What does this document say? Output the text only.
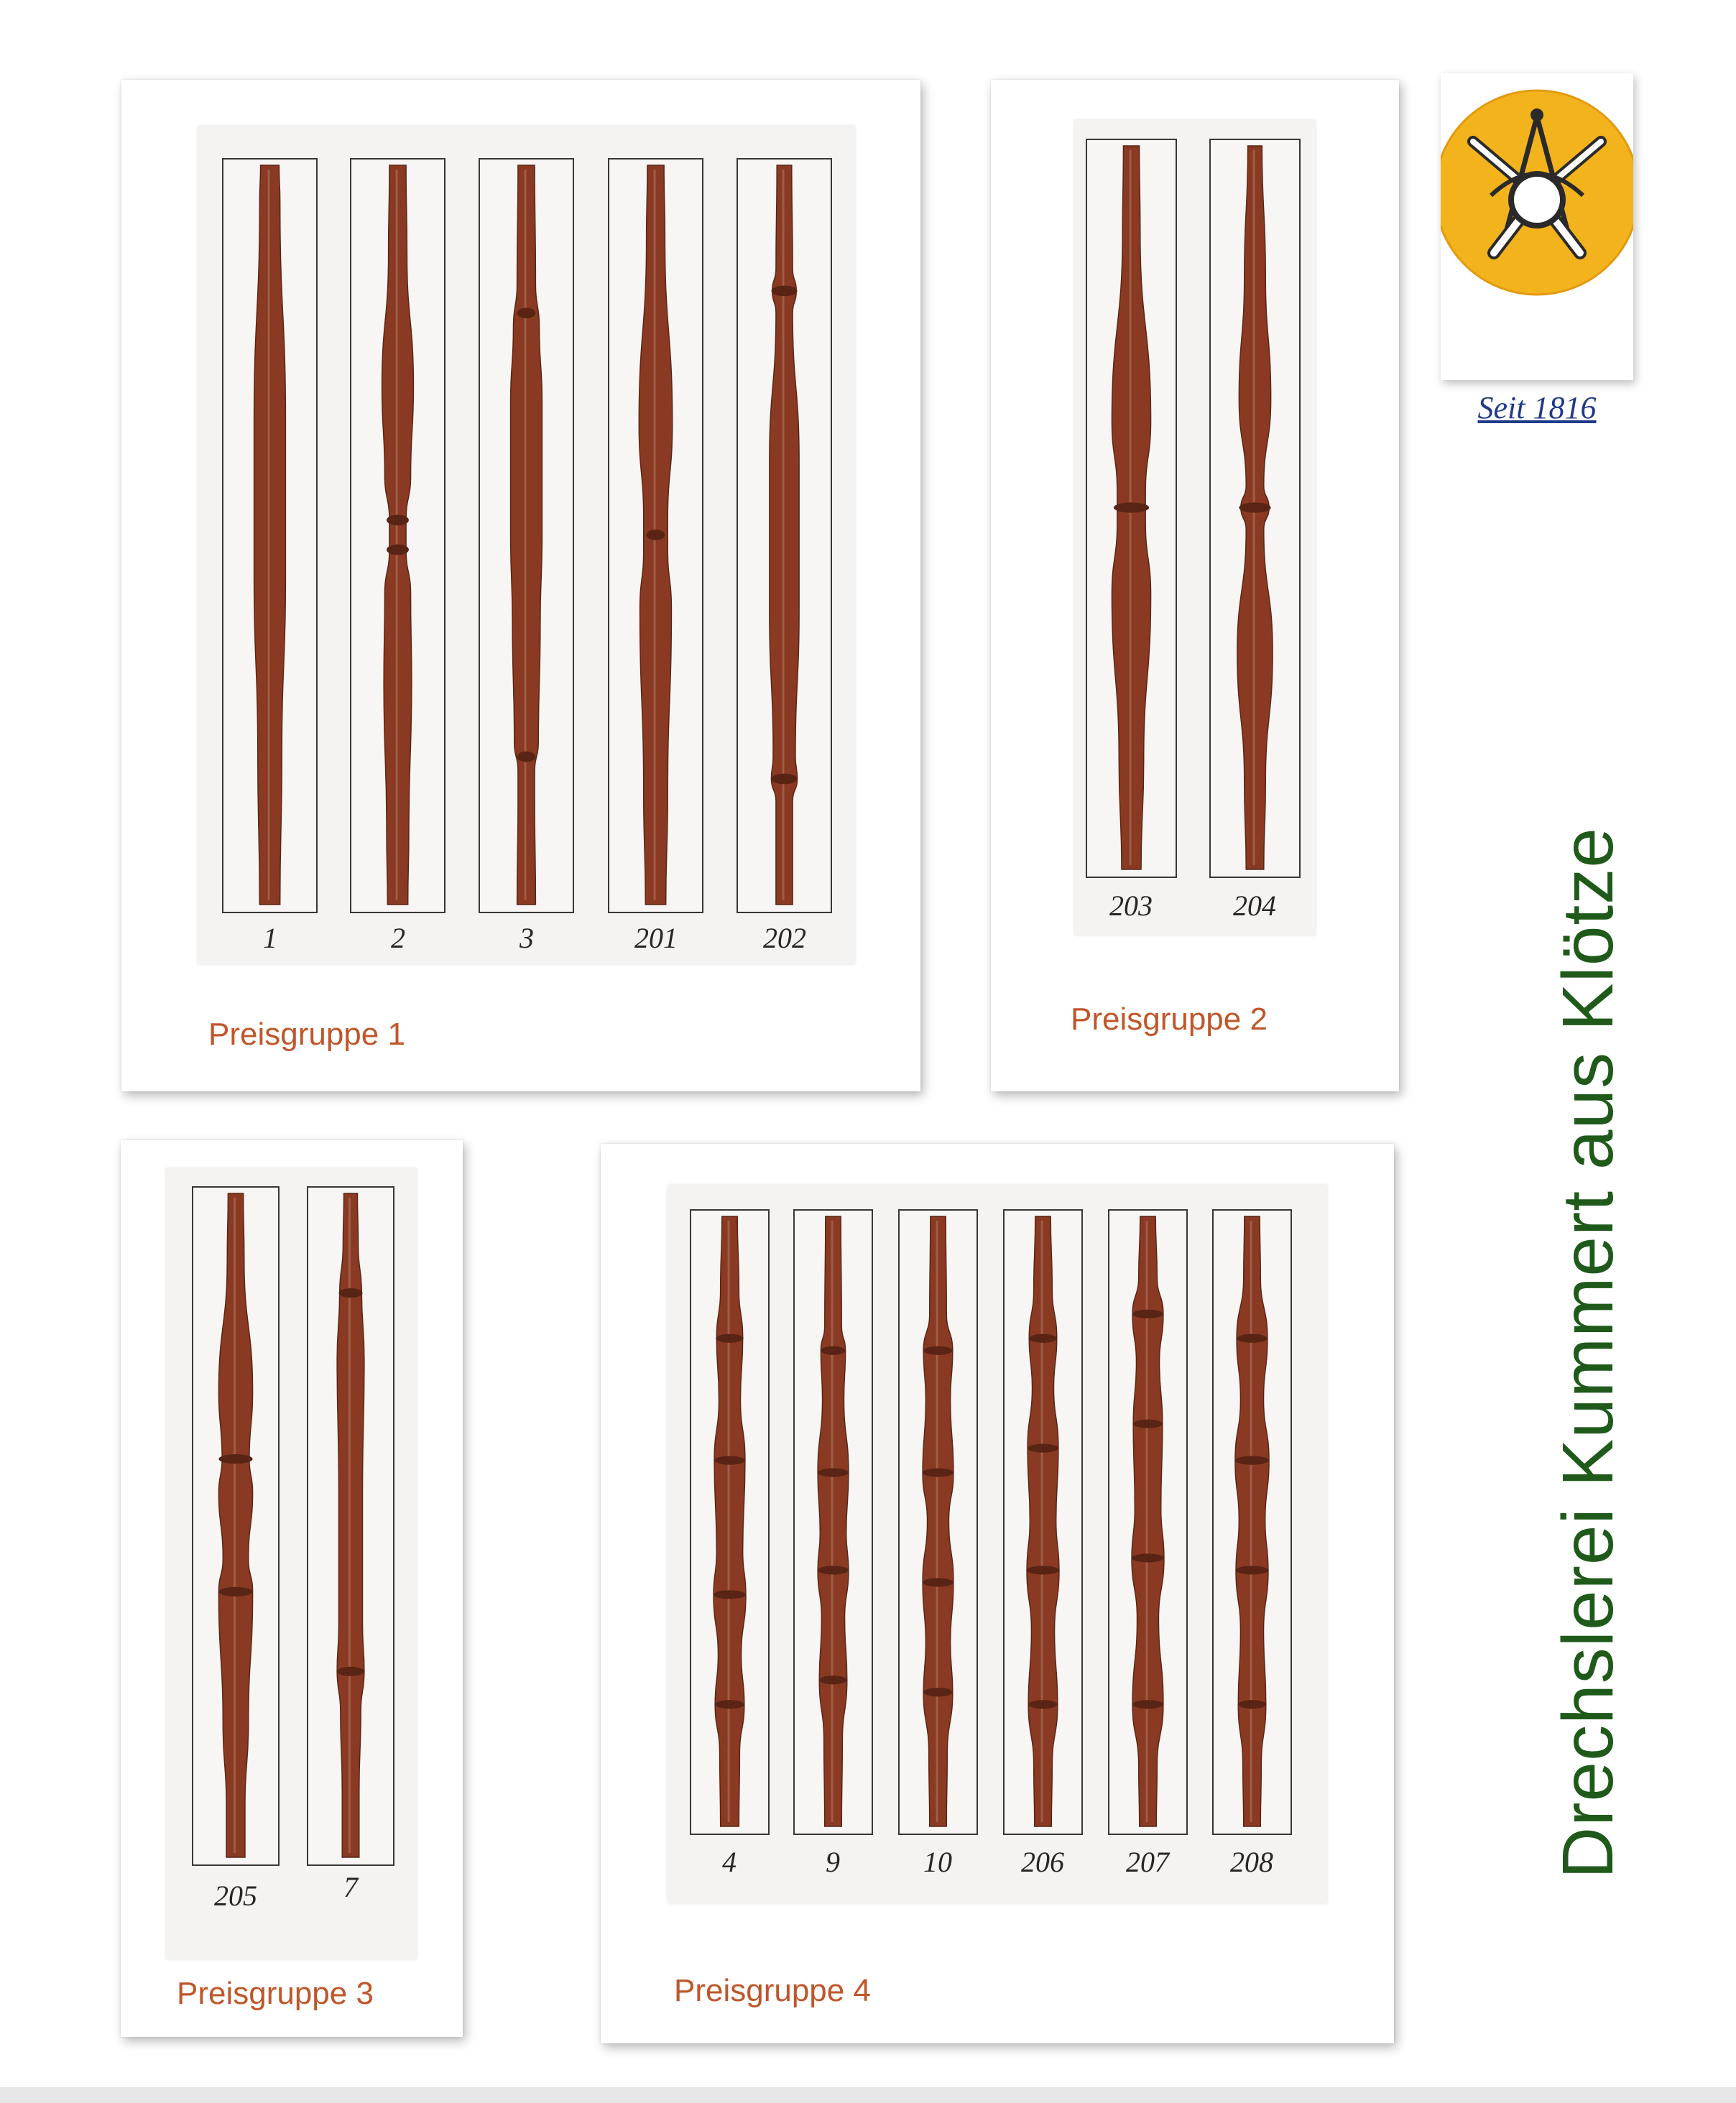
1	2	3	201	202
Preisgruppe 1
203	204
Preisgruppe 2
205	7
Preisgruppe 3
4	9	10	206	207	208
Preisgruppe 4
Seit 1816
Drechslerei Kummert aus Klötze
